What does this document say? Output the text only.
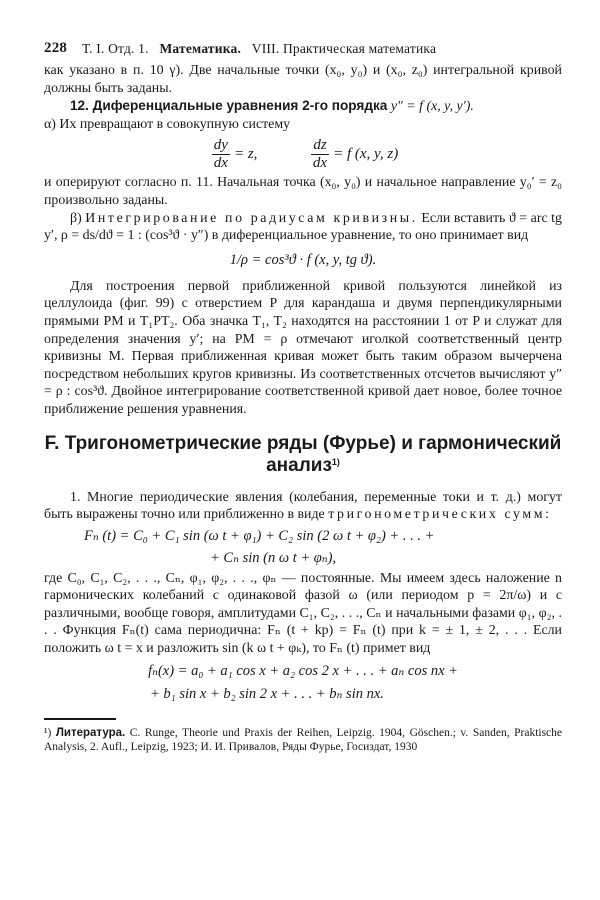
228 Т. I. Отд. 1. Математика. VIII. Практическая математика

как указано в п. 10 γ). Две начальные точки (x₀, y₀) и (x₀, z₀) интегральной кривой должны быть заданы.

12. Диференциальные уравнения 2-го порядка y″ = f (x, y, y′).

α) Их превращают в совокупную систему

$\frac{dy}{dx} = z$,	$\frac{dz}{dx} = f$ (x, y, z)

и оперируют согласно п. 11. Начальная точка (x₀, y₀) и начальное направление y₀′ = z₀ произвольно заданы.

β) Интегрирование по радиусам кривизны. Если вставить ϑ = arc tg y′, ρ = ds/dϑ = 1 : (cos³ϑ · y″) в диференциальное уравнение, то оно принимает вид

1/ρ = cos³ϑ · f (x, y, tg ϑ).

Для построения первой приближенной кривой пользуются линейкой из целлулоида (фиг. 99) с отверстием P для карандаша и двумя перпендикулярными прямыми PM и T₁PT₂. Оба значка T₁, T₂ находятся на расстоянии 1 от P и служат для определения значения y′; на PM = ρ отмечают иголкой соответственный центр кривизны M. Первая приближенная кривая может быть таким образом вычерчена посредством небольших кругов кривизны. Из соответственных отсчетов вычисляют y″ = ρ : cos³ϑ. Двойное интегрирование соответственной кривой дает новое, более точное приближение решения уравнения.

F. Тригонометрические ряды (Фурье) и гармонический анализ$^{1)}$

1. Многие периодические явления (колебания, переменные токи и т. д.) могут быть выражены точно или приближенно в виде тригонометрических сумм:

Fₙ (t) = C₀ + C₁ sin (ω t + φ₁) + C₂ sin (2 ω t + φ₂) + . . . +
+ Cₙ sin (n ω t + φₙ),

где C₀, C₁, C₂, . . ., Cₙ, φ₁, φ₂, . . ., φₙ — постоянные. Мы имеем здесь наложение n гармонических колебаний с одинаковой фазой ω (или периодом p = 2π/ω) и с различными, вообще говоря, амплитудами C₁, C₂, . . ., Cₙ и начальными фазами φ₁, φ₂, . . . Функция Fₙ(t) сама периодична: Fₙ (t + kp) = Fₙ (t) при k = ± 1, ± 2, . . . Если положить ω t = x и разложить sin (k ω t + φₖ), то Fₙ (t) примет вид

fₙ(x) = a₀ + a₁ cos x + a₂ cos 2 x + . . . + aₙ cos nx +
+ b₁ sin x + b₂ sin 2 x + . . . + bₙ sin nx.

¹) Литература. C. Runge, Theorie und Praxis der Reihen, Leipzig. 1904, Göschen.; v. Sanden, Praktische Analysis, 2. Aufl., Leipzig, 1923; И. И. Привалов, Ряды Фурье, Госиздат, 1930
